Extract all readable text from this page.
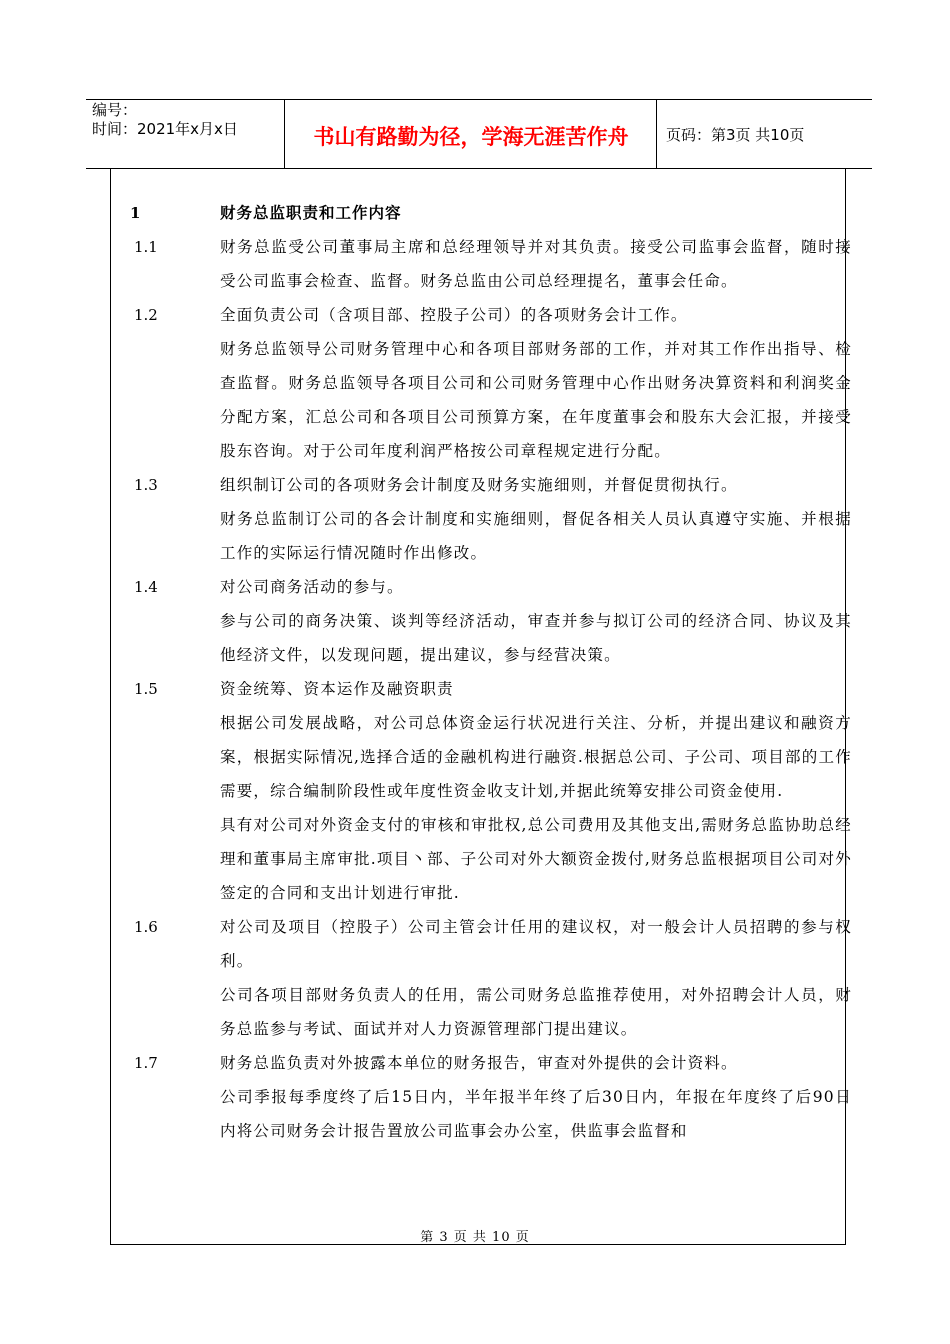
编号：
时间：2021年x月x日	书山有路勤为径，学海无涯苦作舟	页码：第3页 共10页
1	财务总监职责和工作内容
1.1	财务总监受公司董事局主席和总经理领导并对其负责。接受公司监事会监督，随时接受公司监事会检查、监督。财务总监由公司总经理提名，董事会任命。

1.2	全面负责公司（含项目部、控股子公司）的各项财务会计工作。

财务总监领导公司财务管理中心和各项目部财务部的工作，并对其工作作出指导、检查监督。财务总监领导各项目公司和公司财务管理中心作出财务决算资料和利润奖金分配方案，汇总公司和各项目公司预算方案，在年度董事会和股东大会汇报，并接受股东咨询。对于公司年度利润严格按公司章程规定进行分配。

1.3	组织制订公司的各项财务会计制度及财务实施细则，并督促贯彻执行。

财务总监制订公司的各会计制度和实施细则，督促各相关人员认真遵守实施、并根据工作的实际运行情况随时作出修改。

1.4	对公司商务活动的参与。

参与公司的商务决策、谈判等经济活动，审查并参与拟订公司的经济合同、协议及其他经济文件，以发现问题，提出建议，参与经营决策。

1.5	资金统筹、资本运作及融资职责

根据公司发展战略，对公司总体资金运行状况进行关注、分析，并提出建议和融资方案，根据实际情况,选择合适的金融机构进行融资.根据总公司、子公司、项目部的工作需要，综合编制阶段性或年度性资金收支计划,并据此统筹安排公司资金使用.

具有对公司对外资金支付的审核和审批权,总公司费用及其他支出,需财务总监协助总经理和董事局主席审批.项目丶部、子公司对外大额资金拨付,财务总监根据项目公司对外签定的合同和支出计划进行审批.

1.6	对公司及项目（控股子）公司主管会计任用的建议权，对一般会计人员招聘的参与权利。

公司各项目部财务负责人的任用，需公司财务总监推荐使用，对外招聘会计人员，财务总监参与考试、面试并对人力资源管理部门提出建议。

1.7	财务总监负责对外披露本单位的财务报告，审查对外提供的会计资料。

公司季报每季度终了后15日内，半年报半年终了后30日内，年报在年度终了后90日内将公司财务会计报告置放公司监事会办公室，供监事会监督和

第 3 页 共 10 页
